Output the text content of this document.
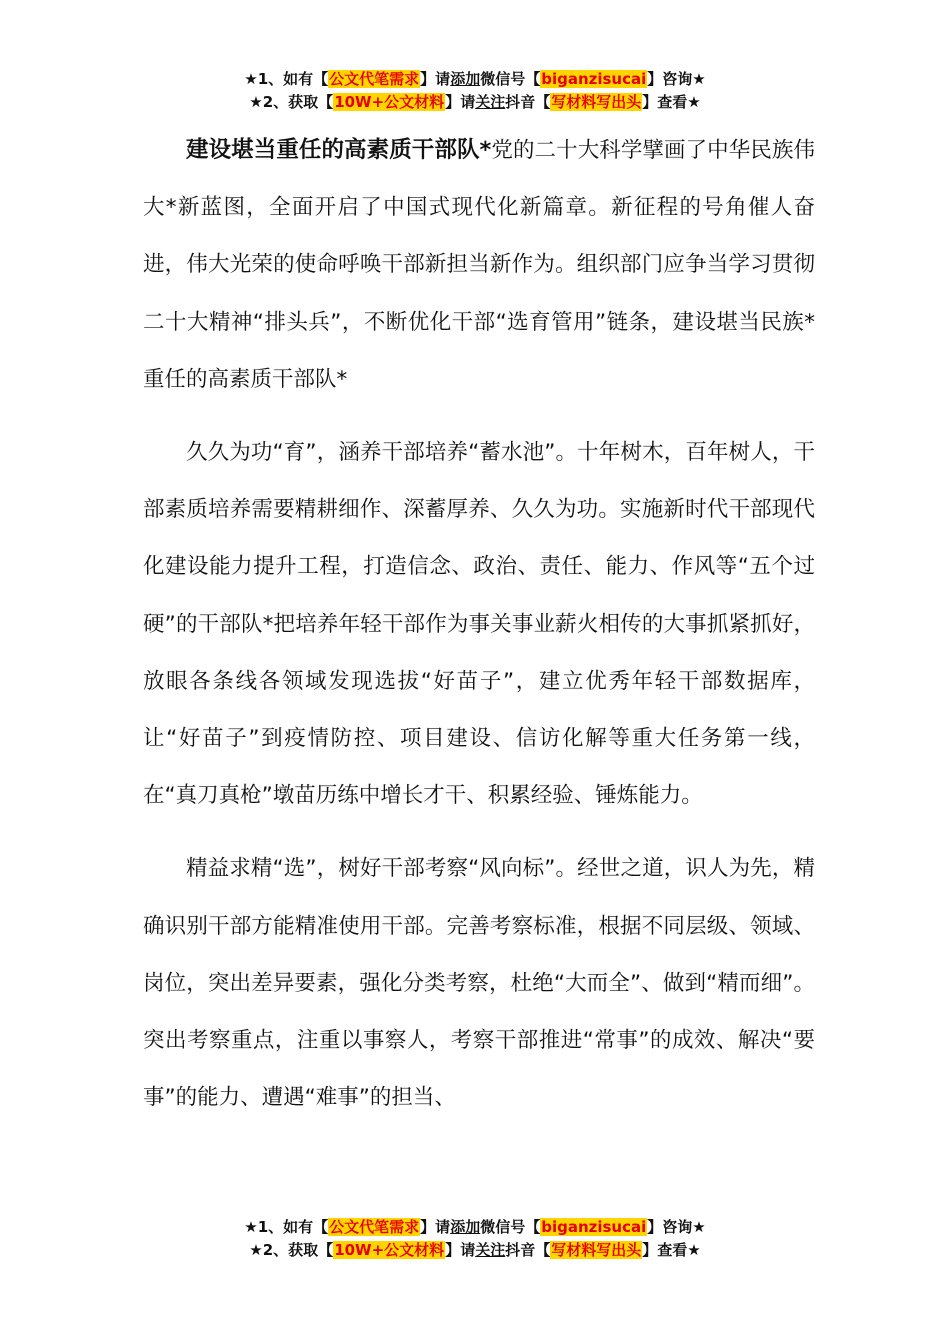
★1、如有【公文代笔需求】请添加微信号【biganzisucai】咨询★
★2、获取【10W+公文材料】请关注抖音【写材料写出头】查看★

建设堪当重任的高素质干部队*党的二十大科学擘画了中华民族伟大*新蓝图，全面开启了中国式现代化新篇章。新征程的号角催人奋进，伟大光荣的使命呼唤干部新担当新作为。组织部门应争当学习贯彻二十大精神“排头兵”，不断优化干部“选育管用”链条，建设堪当民族*重任的高素质干部队*

久久为功“育”，涵养干部培养“蓄水池”。十年树木，百年树人，干部素质培养需要精耕细作、深蓄厚养、久久为功。实施新时代干部现代化建设能力提升工程，打造信念、政治、责任、能力、作风等“五个过硬”的干部队*把培养年轻干部作为事关事业薪火相传的大事抓紧抓好，放眼各条线各领域发现选拔“好苗子”，建立优秀年轻干部数据库，让“好苗子”到疫情防控、项目建设、信访化解等重大任务第一线，在“真刀真枪”墩苗历练中增长才干、积累经验、锤炼能力。

精益求精“选”，树好干部考察“风向标”。经世之道，识人为先，精确识别干部方能精准使用干部。完善考察标准，根据不同层级、领域、岗位，突出差异要素，强化分类考察，杜绝“大而全”、做到“精而细”。突出考察重点，注重以事察人，考察干部推进“常事”的成效、解决“要事”的能力、遭遇“难事”的担当、

★1、如有【公文代笔需求】请添加微信号【biganzisucai】咨询★
★2、获取【10W+公文材料】请关注抖音【写材料写出头】查看★
